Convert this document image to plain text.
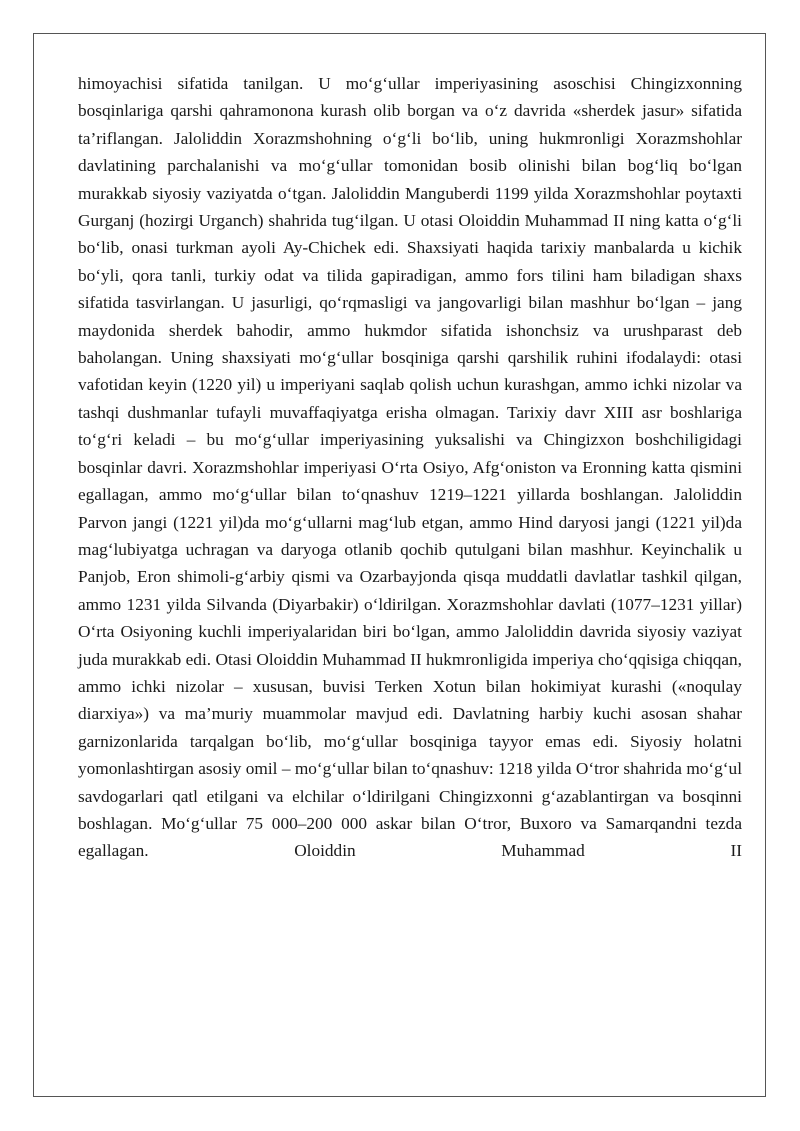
himoyachisi sifatida tanilgan. U mo‘g‘ullar imperiyasining asoschisi Chingizxonning bosqinlariga qarshi qahramonona kurash olib borgan va o‘z davrida «sherdek jasur» sifatida ta’riflangan. Jaloliddin Xorazmshohning o‘g‘li bo‘lib, uning hukmronligi Xorazmshohlar davlatining parchalanishi va mo‘g‘ullar tomonidan bosib olinishi bilan bog‘liq bo‘lgan murakkab siyosiy vaziyatda o‘tgan. Jaloliddin Manguberdi 1199 yilda Xorazmshohlar poytaxti Gurganj (hozirgi Urganch) shahrida tug‘ilgan. U otasi Oloiddin Muhammad II ning katta o‘g‘li bo‘lib, onasi turkman ayoli Ay-Chichek edi. Shaxsiyati haqida tarixiy manbalarda u kichik bo‘yli, qora tanli, turkiy odat va tilida gapiradigan, ammo fors tilini ham biladigan shaxs sifatida tasvirlangan. U jasurligi, qo‘rqmasligi va jangovarligi bilan mashhur bo‘lgan – jang maydonida sherdek bahodir, ammo hukmdor sifatida ishonchsiz va urushparast deb baholangan. Uning shaxsiyati mo‘g‘ullar bosqiniga qarshi qarshilik ruhini ifodalaydi: otasi vafotidan keyin (1220 yil) u imperiyani saqlab qolish uchun kurashgan, ammo ichki nizolar va tashqi dushmanlar tufayli muvaffaqiyatga erisha olmagan. Tarixiy davr XIII asr boshlariga to‘g‘ri keladi – bu mo‘g‘ullar imperiyasining yuksalishi va Chingizxon boshchiligidagi bosqinlar davri. Xorazmshohlar imperiyasi O‘rta Osiyo, Afg‘oniston va Eronning katta qismini egallagan, ammo mo‘g‘ullar bilan to‘qnashuv 1219–1221 yillarda boshlangan. Jaloliddin Parvon jangi (1221 yil)da mo‘g‘ullarni mag‘lub etgan, ammo Hind daryosi jangi (1221 yil)da mag‘lubiyatga uchragan va daryoga otlanib qochib qutulgani bilan mashhur. Keyinchalik u Panjob, Eron shimoli-g‘arbiy qismi va Ozarbayjonda qisqa muddatli davlatlar tashkil qilgan, ammo 1231 yilda Silvanda (Diyarbakir) o‘ldirilgan. Xorazmshohlar davlati (1077–1231 yillar) O‘rta Osiyoning kuchli imperiyalaridan biri bo‘lgan, ammo Jaloliddin davrida siyosiy vaziyat juda murakkab edi. Otasi Oloiddin Muhammad II hukmronligida imperiya cho‘qqisiga chiqqan, ammo ichki nizolar – xususan, buvisi Terken Xotun bilan hokimiyat kurashi («noqulay diarxiya») va ma’muriy muammolar mavjud edi. Davlatning harbiy kuchi asosan shahar garnizonlarida tarqalgan bo‘lib, mo‘g‘ullar bosqiniga tayyor emas edi. Siyosiy holatni yomonlashtirgan asosiy omil – mo‘g‘ullar bilan to‘qnashuv: 1218 yilda O‘tror shahrida mo‘g‘ul savdogarlari qatl etilgani va elchilar o‘ldirilgani Chingizxonni g‘azablantirgan va bosqinni boshlagan. Mo‘g‘ullar 75 000–200 000 askar bilan O‘tror, Buxoro va Samarqandni tezda egallagan. Oloiddin Muhammad II
